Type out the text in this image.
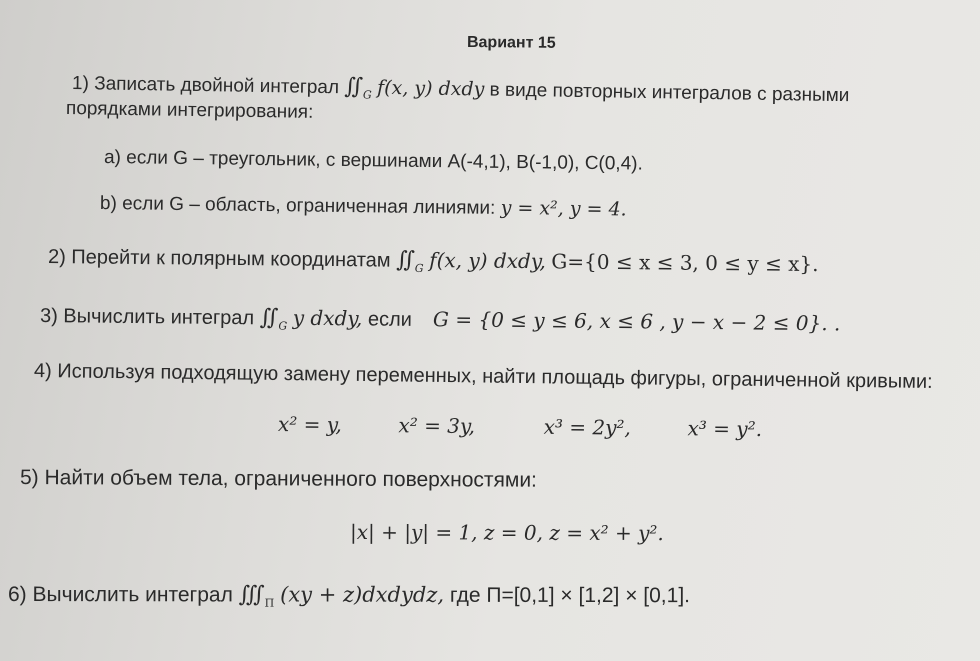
Вариант 15
1) Записать двойной интеграл $∬_G$ f(x, y) dxdy в виде повторных интегралов с разными
порядками интегрирования:
a) если G – треугольник, с вершинами А(-4,1), В(-1,0), С(0,4).
b) если G – область, ограниченная линиями: y = x², y = 4.
2) Перейти к полярным координатам $∬_G$ f(x, y) dxdy, G={0 ≤ x ≤ 3, 0 ≤ y ≤ x}.
3) Вычислить интеграл $∬_G$ y dxdy, если G = {0 ≤ y ≤ 6, x ≤ 6 , y − x − 2 ≤ 0}. .
4) Используя подходящую замену переменных, найти площадь фигуры, ограниченной кривыми:
x² = y,	x² = 3y,	x³ = 2y²,	x³ = y².
5) Найти объем тела, ограниченного поверхностями:
|x| + |y| = 1, z = 0, z = x² + y².
6) Вычислить интеграл $∭_\Pi$ (xy + z)dxdydz, где П=[0,1] × [1,2] × [0,1].
